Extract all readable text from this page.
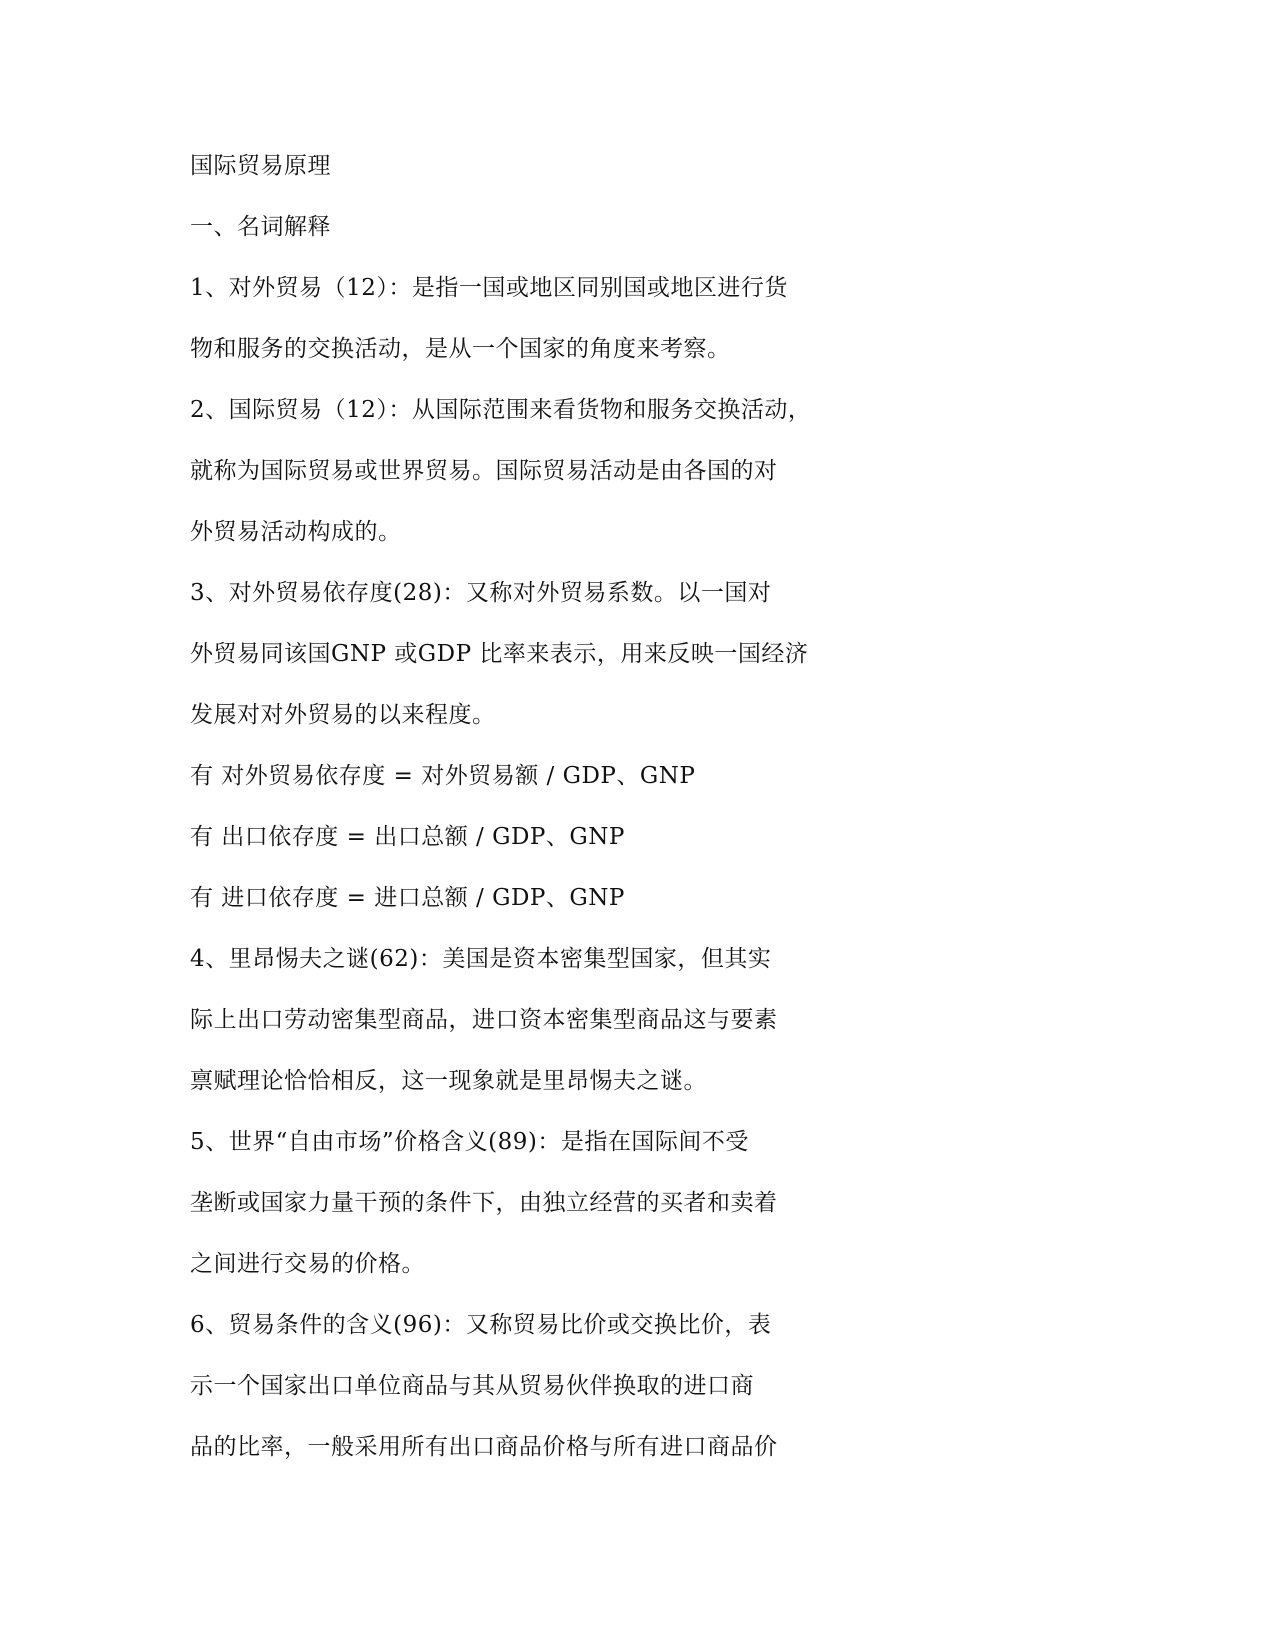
国际贸易原理
一、名词解释
1、对外贸易（12）：是指一国或地区同别国或地区进行货
物和服务的交换活动，是从一个国家的角度来考察。
2、国际贸易（12）：从国际范围来看货物和服务交换活动，
就称为国际贸易或世界贸易。国际贸易活动是由各国的对
外贸易活动构成的。
3、对外贸易依存度(28)：又称对外贸易系数。以一国对
外贸易同该国GNP 或GDP 比率来表示，用来反映一国经济
发展对对外贸易的以来程度。
有 对外贸易依存度 = 对外贸易额 / GDP、GNP
有 出口依存度 = 出口总额 / GDP、GNP
有 进口依存度 = 进口总额 / GDP、GNP
4、里昂惕夫之谜(62)：美国是资本密集型国家，但其实
际上出口劳动密集型商品，进口资本密集型商品这与要素
禀赋理论恰恰相反，这一现象就是里昂惕夫之谜。
5、世界“自由市场”价格含义(89)：是指在国际间不受
垄断或国家力量干预的条件下，由独立经营的买者和卖着
之间进行交易的价格。
6、贸易条件的含义(96)：又称贸易比价或交换比价，表
示一个国家出口单位商品与其从贸易伙伴换取的进口商
品的比率，一般采用所有出口商品价格与所有进口商品价
